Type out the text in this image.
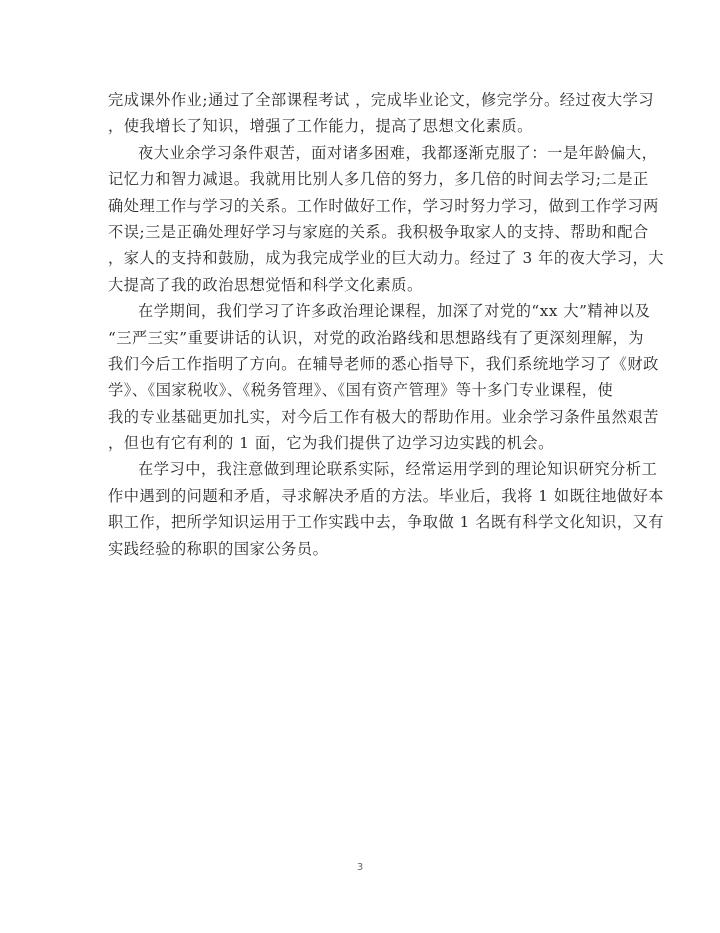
完成课外作业;通过了全部课程考试 ，完成毕业论文，修完学分。经过夜大学习
，使我增长了知识，增强了工作能力，提高了思想文化素质。
夜大业余学习条件艰苦，面对诸多困难，我都逐渐克服了：一是年龄偏大，
记忆力和智力减退。我就用比别人多几倍的努力，多几倍的时间去学习;二是正
确处理工作与学习的关系。工作时做好工作，学习时努力学习，做到工作学习两
不误;三是正确处理好学习与家庭的关系。我积极争取家人的支持、帮助和配合
，家人的支持和鼓励，成为我完成学业的巨大动力。经过了 3 年的夜大学习，大
大提高了我的政治思想觉悟和科学文化素质。
在学期间，我们学习了许多政治理论课程，加深了对党的“xx 大”精神以及
“三严三实”重要讲话的认识，对党的政治路线和思想路线有了更深刻理解，为
我们今后工作指明了方向。在辅导老师的悉心指导下，我们系统地学习了《财政
学》、《国家税收》、《税务管理》、《国有资产管理》等十多门专业课程，使
我的专业基础更加扎实，对今后工作有极大的帮助作用。业余学习条件虽然艰苦
，但也有它有利的 1 面，它为我们提供了边学习边实践的机会。
在学习中，我注意做到理论联系实际，经常运用学到的理论知识研究分析工
作中遇到的问题和矛盾，寻求解决矛盾的方法。毕业后，我将 1 如既往地做好本
职工作，把所学知识运用于工作实践中去，争取做 1 名既有科学文化知识，又有
实践经验的称职的国家公务员。
3
